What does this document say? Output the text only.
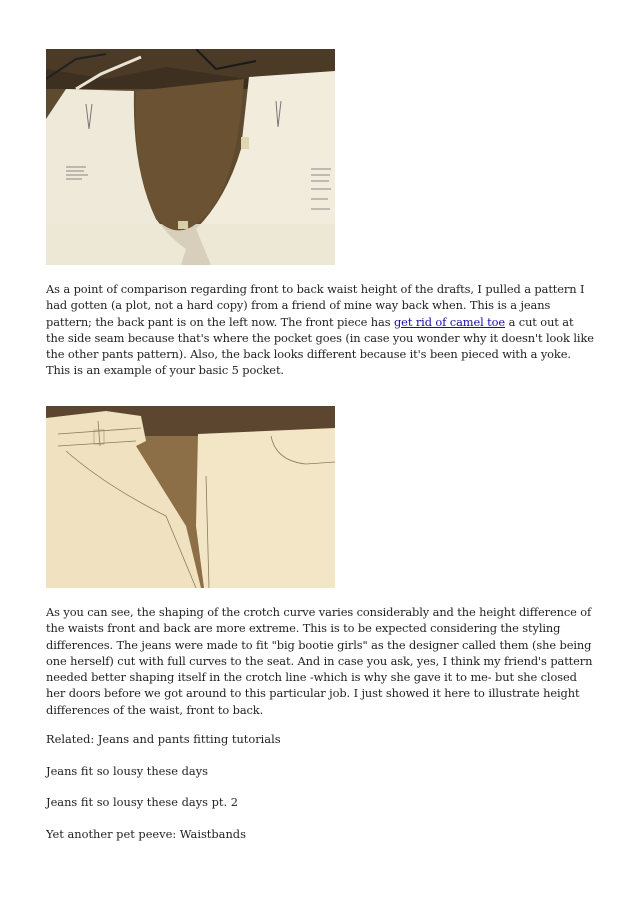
As a point of comparison regarding front to back waist height of the drafts, I pulled a pattern I had gotten (a plot, not a hard copy) from a friend of mine way back when. This is a jeans pattern; the back pant is on the left now. The front piece has get rid of camel toe a cut out at the side seam because that's where the pocket goes (in case you wonder why it doesn't look like the other pants pattern). Also, the back looks different because it's been pieced with a yoke. This is an example of your basic 5 pocket.

As you can see, the shaping of the crotch curve varies considerably and the height difference of the waists front and back are more extreme. This is to be expected considering the styling differences. The jeans were made to fit "big bootie girls" as the designer called them (she being one herself) cut with full curves to the seat. And in case you ask, yes, I think my friend's pattern needed better shaping itself in the crotch line -which is why she gave it to me- but she closed her doors before we got around to this particular job. I just showed it here to illustrate height differences of the waist, front to back.

Related: Jeans and pants fitting tutorials

Jeans fit so lousy these days

Jeans fit so lousy these days pt. 2

Yet another pet peeve: Waistbands
